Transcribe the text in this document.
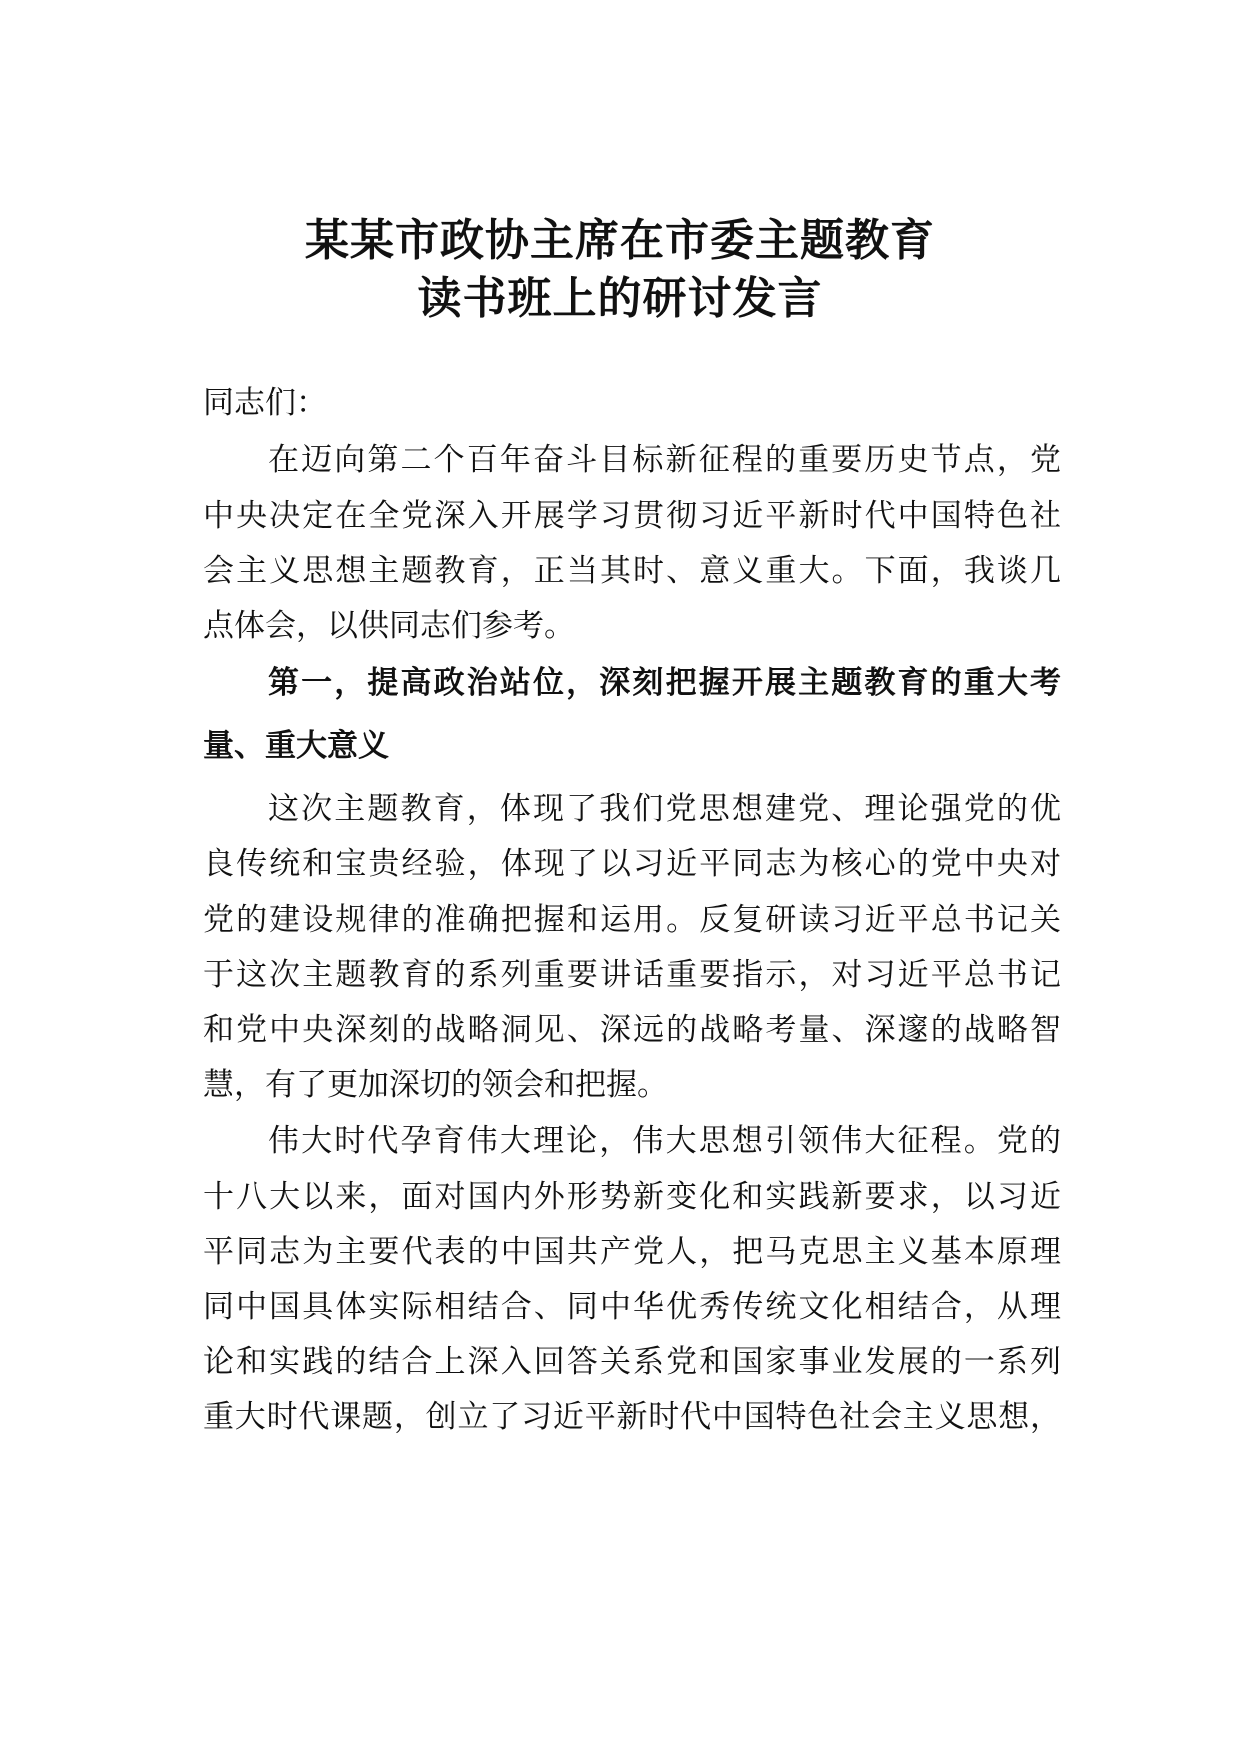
某某市政协主席在市委主题教育
读书班上的研讨发言
同志们：
在迈向第二个百年奋斗目标新征程的重要历史节点，党
中央决定在全党深入开展学习贯彻习近平新时代中国特色社
会主义思想主题教育，正当其时、意义重大。下面，我谈几
点体会，以供同志们参考。
第一，提高政治站位，深刻把握开展主题教育的重大考
量、重大意义
这次主题教育，体现了我们党思想建党、理论强党的优
良传统和宝贵经验，体现了以习近平同志为核心的党中央对
党的建设规律的准确把握和运用。反复研读习近平总书记关
于这次主题教育的系列重要讲话重要指示，对习近平总书记
和党中央深刻的战略洞见、深远的战略考量、深邃的战略智
慧，有了更加深切的领会和把握。
伟大时代孕育伟大理论，伟大思想引领伟大征程。党的
十八大以来，面对国内外形势新变化和实践新要求，以习近
平同志为主要代表的中国共产党人，把马克思主义基本原理
同中国具体实际相结合、同中华优秀传统文化相结合，从理
论和实践的结合上深入回答关系党和国家事业发展的一系列
重大时代课题，创立了习近平新时代中国特色社会主义思想，
